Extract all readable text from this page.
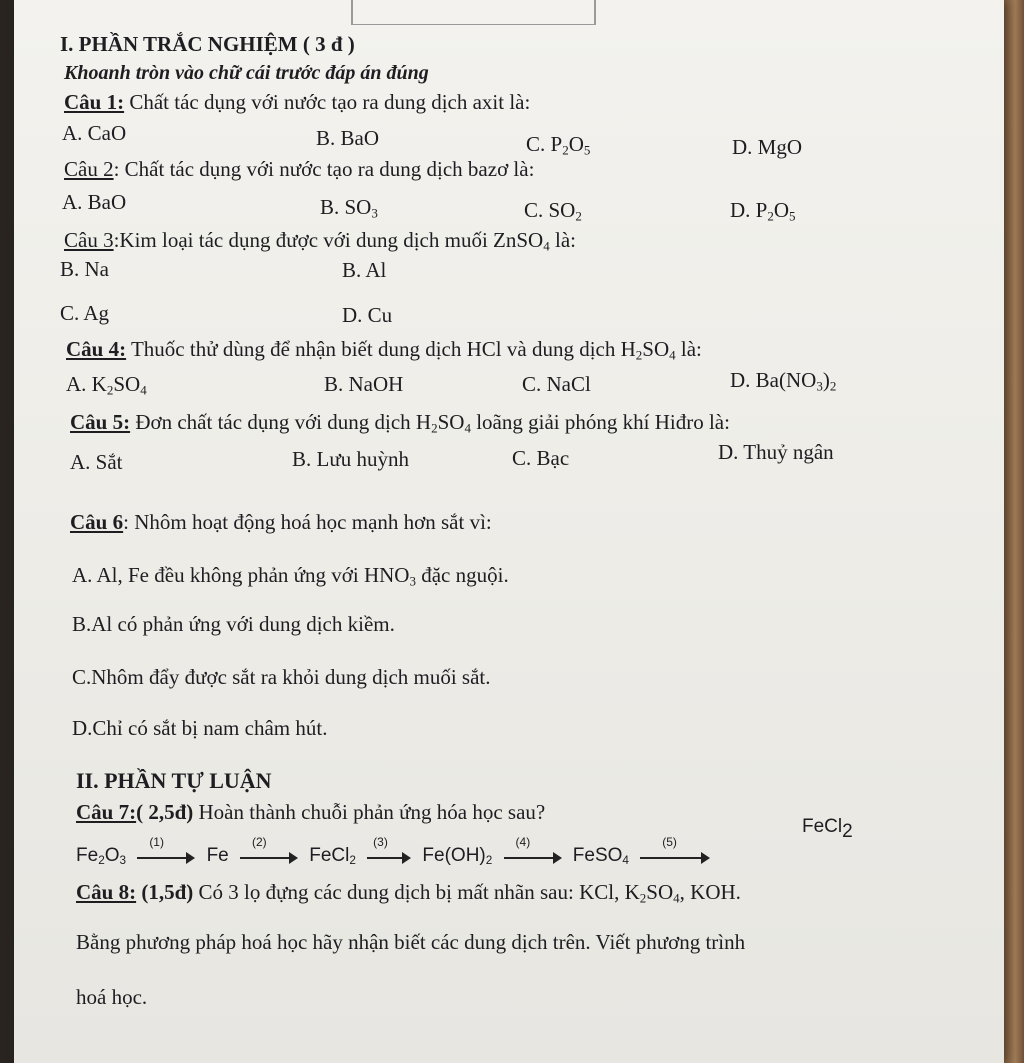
I. PHẦN TRẮC NGHIỆM ( 3 đ )
Khoanh tròn vào chữ cái trước đáp án đúng
Câu 1: Chất tác dụng với nước tạo ra dung dịch axit là:
A. CaO	B. BaO	C. $P_2O_5$	D. MgO
Câu 2: Chất tác dụng với nước tạo ra dung dịch bazơ là:
A. BaO	B. $SO_3$	C. $SO_2$	D. $P_2O_5$
Câu 3:Kim loại tác dụng được với dung dịch muối ZnSO$_4$ là:
B. Na	B. Al
C. Ag	D. Cu
Câu 4: Thuốc thử dùng để nhận biết dung dịch HCl và dung dịch $H_2SO_4$ là:
A. $K_2SO_4$	B. NaOH	C. NaCl	D. $Ba(NO_3)_2$
Câu 5: Đơn chất tác dụng với dung dịch $H_2SO_4$ loãng giải phóng khí Hiđro là:
A. Sắt	B. Lưu huỳnh	C. Bạc	D. Thuỷ ngân
Câu 6: Nhôm hoạt động hoá học mạnh hơn sắt vì:
A. Al, Fe đều không phản ứng với $HNO_3$ đặc nguội.
B.Al có phản ứng với dung dịch kiềm.
C.Nhôm đẩy được sắt ra khỏi dung dịch muối sắt.
D.Chỉ có sắt bị nam châm hút.
II. PHẦN TỰ LUẬN
Câu 7:( 2,5đ) Hoàn thành chuỗi phản ứng hóa học sau?
FeCl$_2$
$Fe_2O_3$
(1)
Fe
(2)
FeCl$_2$
(3)
$Fe(OH)_2$
(4)
FeSO$_4$
(5)
Câu 8: (1,5đ) Có 3 lọ đựng các dung dịch bị mất nhãn sau: KCl, $K_2SO_4$, KOH.
Bằng phương pháp hoá học hãy nhận biết các dung dịch trên. Viết phương trình
hoá học.
